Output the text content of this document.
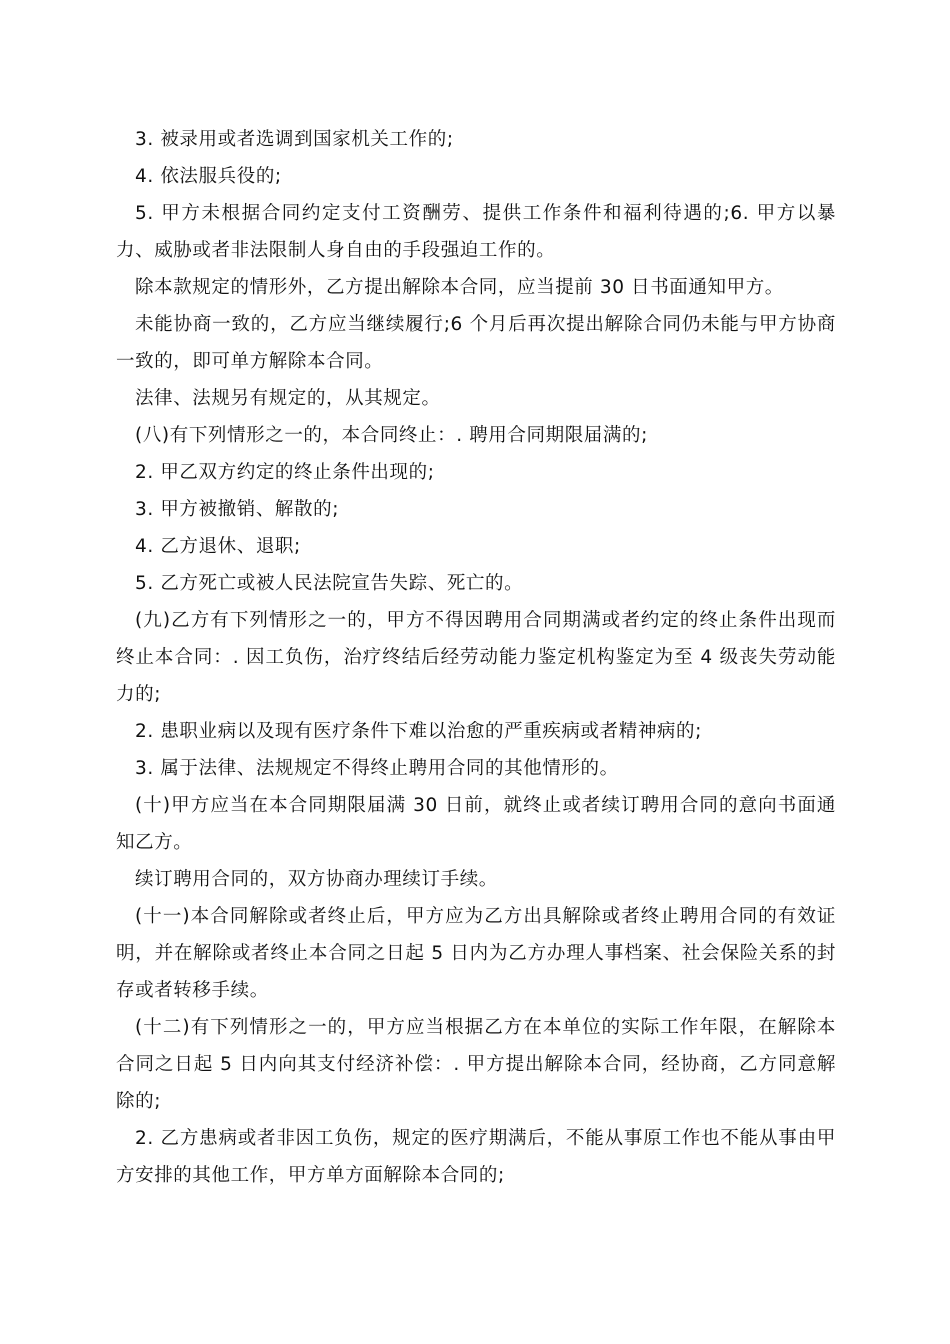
3. 被录用或者选调到国家机关工作的;

4. 依法服兵役的;

5. 甲方未根据合同约定支付工资酬劳、提供工作条件和福利待遇的;6. 甲方以暴力、威胁或者非法限制人身自由的手段强迫工作的。

除本款规定的情形外，乙方提出解除本合同，应当提前 30 日书面通知甲方。

未能协商一致的，乙方应当继续履行;6 个月后再次提出解除合同仍未能与甲方协商一致的，即可单方解除本合同。

法律、法规另有规定的，从其规定。

(八)有下列情形之一的，本合同终止：. 聘用合同期限届满的;

2. 甲乙双方约定的终止条件出现的;

3. 甲方被撤销、解散的;

4. 乙方退休、退职;

5. 乙方死亡或被人民法院宣告失踪、死亡的。

(九)乙方有下列情形之一的，甲方不得因聘用合同期满或者约定的终止条件出现而终止本合同：. 因工负伤，治疗终结后经劳动能力鉴定机构鉴定为至 4 级丧失劳动能力的;

2. 患职业病以及现有医疗条件下难以治愈的严重疾病或者精神病的;

3. 属于法律、法规规定不得终止聘用合同的其他情形的。

(十)甲方应当在本合同期限届满 30 日前，就终止或者续订聘用合同的意向书面通知乙方。

续订聘用合同的，双方协商办理续订手续。

(十一)本合同解除或者终止后，甲方应为乙方出具解除或者终止聘用合同的有效证明，并在解除或者终止本合同之日起 5 日内为乙方办理人事档案、社会保险关系的封存或者转移手续。

(十二)有下列情形之一的，甲方应当根据乙方在本单位的实际工作年限，在解除本合同之日起 5 日内向其支付经济补偿：. 甲方提出解除本合同，经协商，乙方同意解除的;

2. 乙方患病或者非因工负伤，规定的医疗期满后，不能从事原工作也不能从事由甲方安排的其他工作，甲方单方面解除本合同的;
